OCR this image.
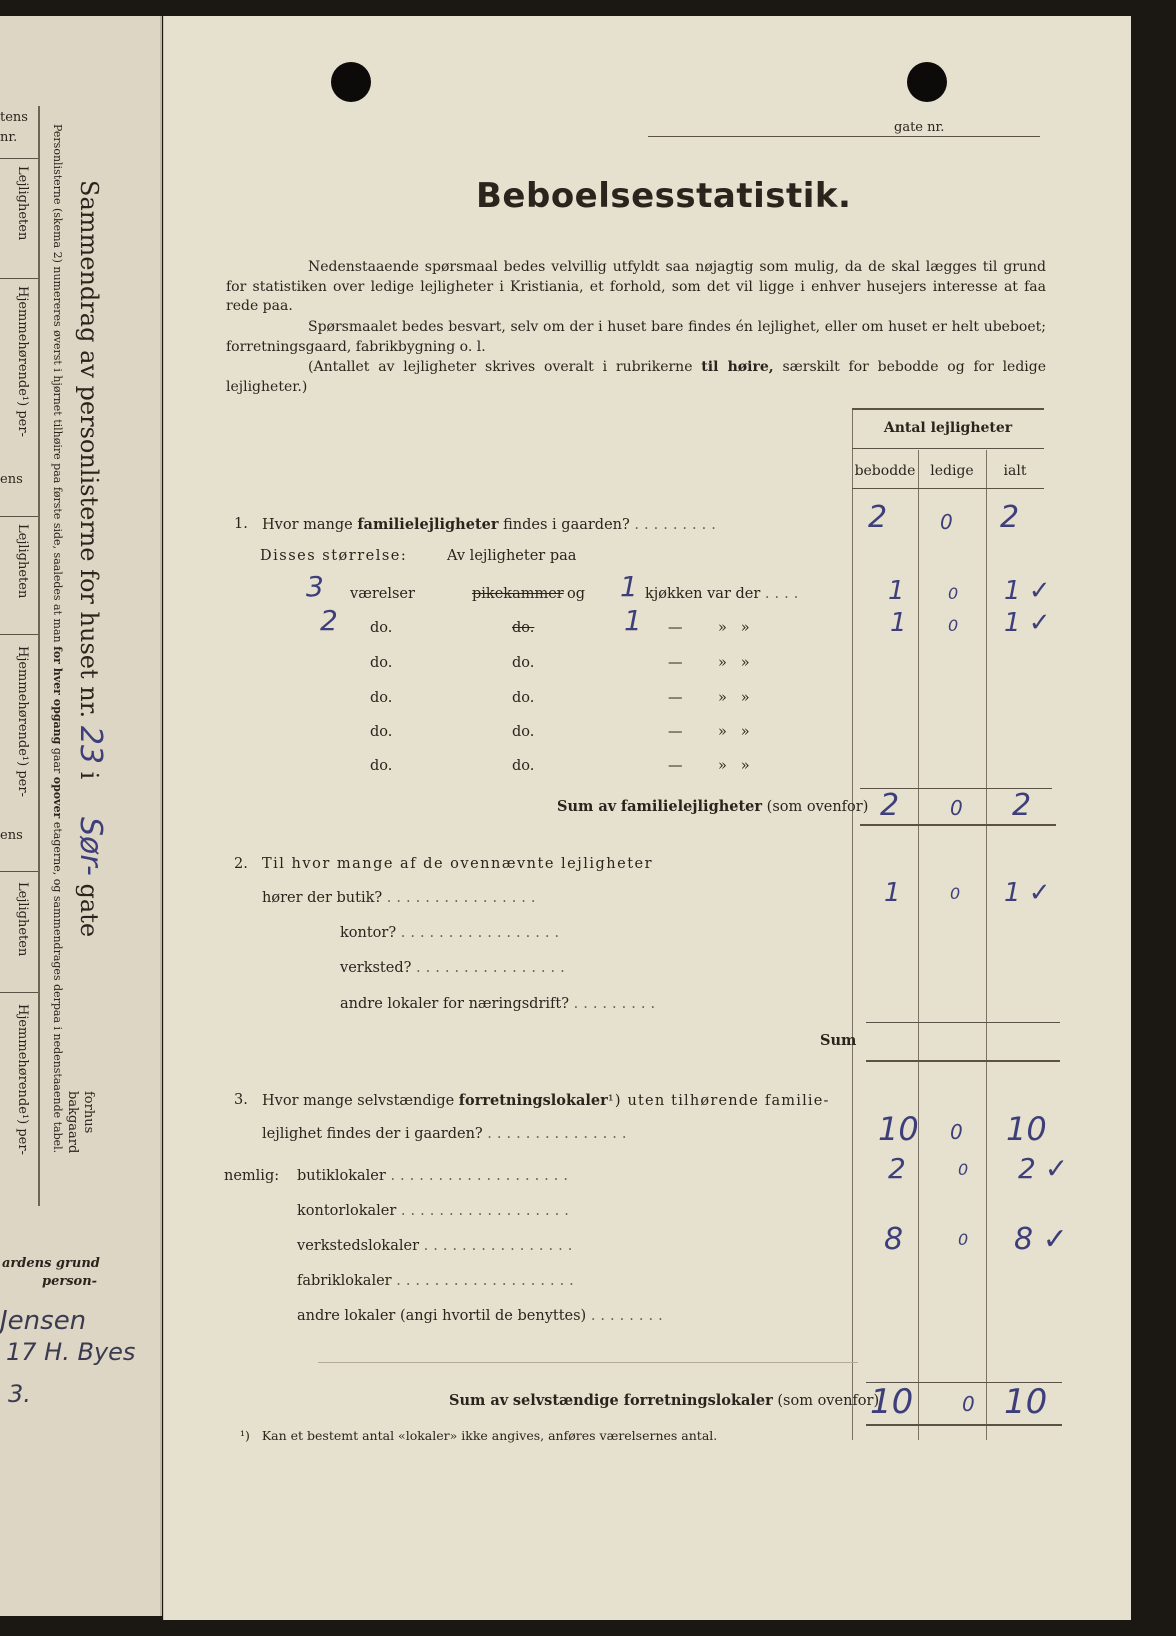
tens
nr.
Lejligheten
Hjemmehørende¹) per-
ens
Lejligheten
Hjemmehørende¹) per-
ens
Lejligheten
Hjemmehørende¹) per-
Personlisterne (skema 2) numereres øverst i hjørnet tilhøire paa første side, saaledes at man for hver opgang gaar opover etagerne, og sammendrages derpaa i nedenstaaende tabel.
Sammendrag av personlisterne for huset nr. 23 i Sør- gate
forhus
bakgaard
ardens grund
person-
Jensen
17 H. Byes
3.
gate nr.
Beboelsesstatistik.
Nedenstaaende spørsmaal bedes velvillig utfyldt saa nøjagtig som mulig, da de skal lægges til grund for statistiken over ledige lejligheter i Kristiania, et forhold, som det vil ligge i enhver husejers interesse at faa rede paa.
Spørsmaalet bedes besvart, selv om der i huset bare findes én lejlighet, eller om huset er helt ubeboet; forretningsgaard, fabrikbygning o. l.
(Antallet av lejligheter skrives overalt i rubrikerne til høire, særskilt for bebodde og for ledige lejligheter.)
Antal lejligheter
bebodde	ledige	ialt
1. Hvor mange familielejligheter findes i gaarden? .........	2	0 2
Disses størrelse:	Av lejligheter paa
3 værelser	pikekammer og 1 kjøkken var der ....	1	0 1 ✓
2 do.	do.	1 — » »	1	0 1 ✓
do.	do.	— » »
do.	do.	— » »
do.	do.	— » »
do.	do.	— » »
Sum av familielejligheter (som ovenfor) 2	0 2
2. Til hvor mange af de ovennævnte lejligheter
hører der butik? ................	1	0 1 ✓
kontor? .................
verksted? ................
andre lokaler for næringsdrift? .........
Sum
3. Hvor mange selvstændige forretningslokaler¹) uten tilhørende familie-
lejlighet findes der i gaarden? ...............	10 0 10
nemlig: butiklokaler ...................	2	0 2 ✓
kontorlokaler ..................
verkstedslokaler ................	8	0 8 ✓
fabriklokaler ...................
andre lokaler (angi hvortil de benyttes) ........
Sum av selvstændige forretningslokaler (som ovenfor)
10 0 10
¹) Kan et bestemt antal «lokaler» ikke angives, anføres værelsernes antal.
